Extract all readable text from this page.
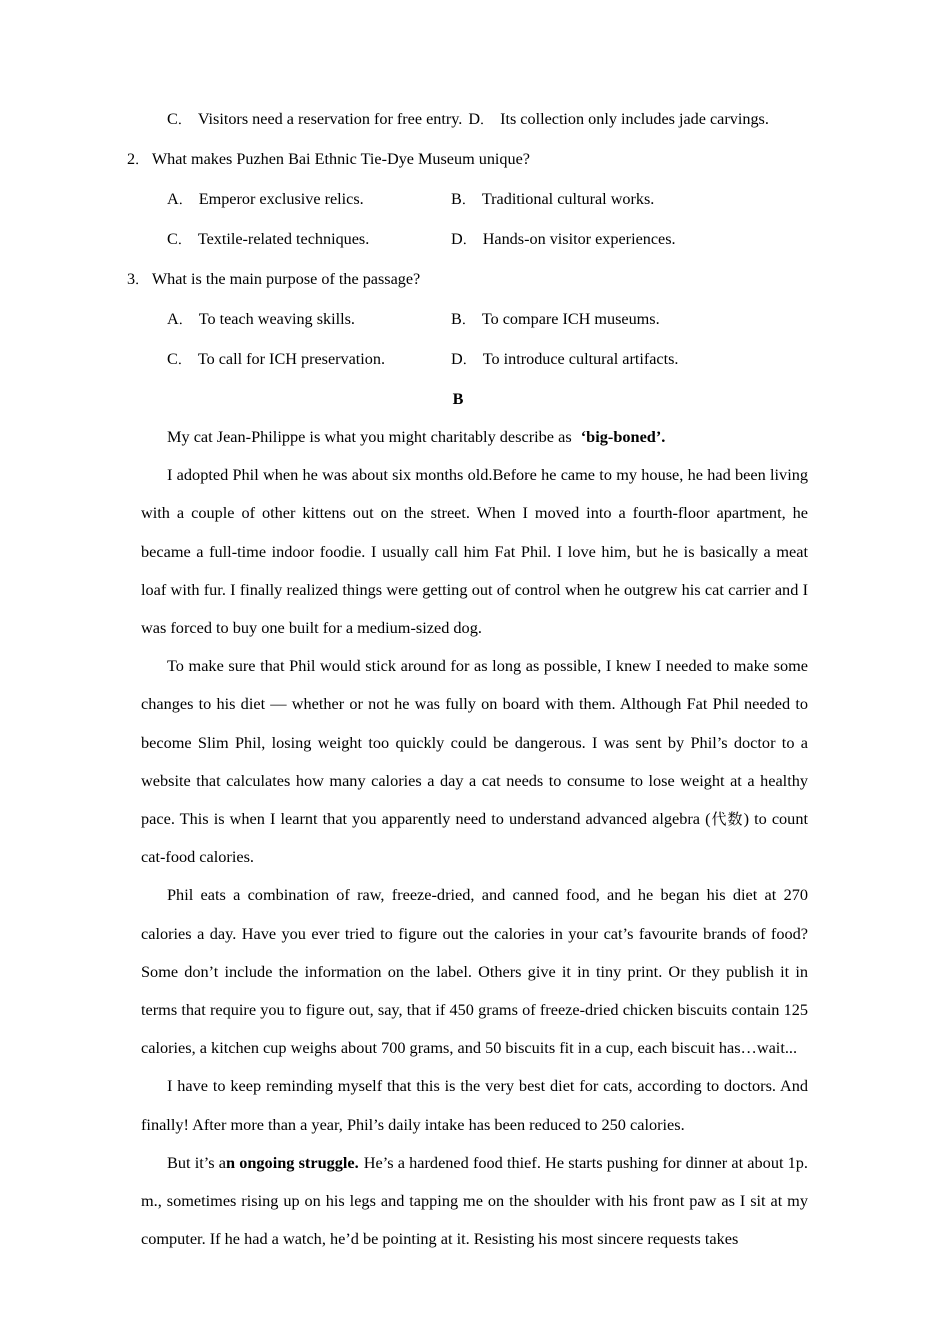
C． Visitors need a reservation for free entry. D． Its collection only includes jade carvings.
2． What makes Puzhen Bai Ethnic Tie-Dye Museum unique?
A． Emperor exclusive relics.	B． Traditional cultural works.
C． Textile-related techniques.	D． Hands-on visitor experiences.
3． What is the main purpose of the passage?
A． To teach weaving skills.	B． To compare ICH museums.
C． To call for ICH preservation.	D． To introduce cultural artifacts.
B

My cat Jean-Philippe is what you might charitably describe as ‘big-boned’.

I adopted Phil when he was about six months old.Before he came to my house, he had been living with a couple of other kittens out on the street. When I moved into a fourth-floor apartment, he became a full-time indoor foodie. I usually call him Fat Phil. I love him, but he is basically a meat loaf with fur. I finally realized things were getting out of control when he outgrew his cat carrier and I was forced to buy one built for a medium-sized dog.

To make sure that Phil would stick around for as long as possible, I knew I needed to make some changes to his diet — whether or not he was fully on board with them. Although Fat Phil needed to become Slim Phil, losing weight too quickly could be dangerous. I was sent by Phil’s doctor to a website that calculates how many calories a day a cat needs to consume to lose weight at a healthy pace. This is when I learnt that you apparently need to understand advanced algebra (代数) to count cat-food calories.

Phil eats a combination of raw, freeze-dried, and canned food, and he began his diet at 270 calories a day. Have you ever tried to figure out the calories in your cat’s favourite brands of food? Some don’t include the information on the label. Others give it in tiny print. Or they publish it in terms that require you to figure out, say, that if 450 grams of freeze-dried chicken biscuits contain 125 calories, a kitchen cup weighs about 700 grams, and 50 biscuits fit in a cup, each biscuit has…wait...

I have to keep reminding myself that this is the very best diet for cats, according to doctors. And finally! After more than a year, Phil’s daily intake has been reduced to 250 calories.

But it’s an ongoing struggle. He’s a hardened food thief. He starts pushing for dinner at about 1p. m., sometimes rising up on his legs and tapping me on the shoulder with his front paw as I sit at my computer. If he had a watch, he’d be pointing at it. Resisting his most sincere requests takes
